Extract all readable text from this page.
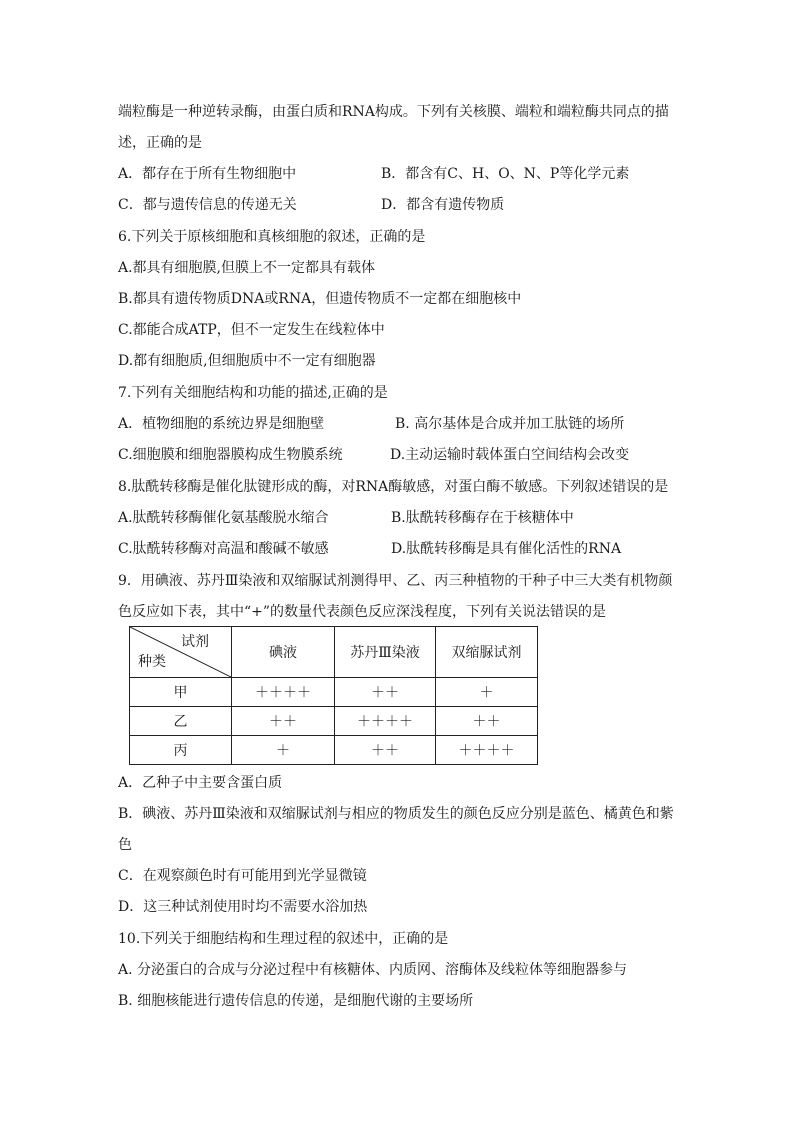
端粒酶是一种逆转录酶，由蛋白质和RNA构成。下列有关核膜、端粒和端粒酶共同点的描
述，正确的是
A．都存在于所有生物细胞中	B．都含有C、H、O、N、P等化学元素
C．都与遗传信息的传递无关	D．都含有遗传物质
6.下列关于原核细胞和真核细胞的叙述，正确的是
A.都具有细胞膜,但膜上不一定都具有载体
B.都具有遗传物质DNA或RNA，但遗传物质不一定都在细胞核中
C.都能合成ATP，但不一定发生在线粒体中
D.都有细胞质,但细胞质中不一定有细胞器
7.下列有关细胞结构和功能的描述,正确的是
A．植物细胞的系统边界是细胞壁	B. 高尔基体是合成并加工肽链的场所
C.细胞膜和细胞器膜构成生物膜系统	D.主动运输时载体蛋白空间结构会改变
8.肽酰转移酶是催化肽键形成的酶，对RNA酶敏感，对蛋白酶不敏感。下列叙述错误的是
A.肽酰转移酶催化氨基酸脱水缩合	B.肽酰转移酶存在于核糖体中
C.肽酰转移酶对高温和酸碱不敏感	D.肽酰转移酶是具有催化活性的RNA
9．用碘液、苏丹Ⅲ染液和双缩脲试剂测得甲、乙、丙三种植物的干种子中三大类有机物颜
色反应如下表，其中“+”的数量代表颜色反应深浅程度，下列有关说法错误的是
试剂
种类	碘液	苏丹Ⅲ染液	双缩脲试剂
甲	＋＋＋＋	＋＋	＋
乙	＋＋	＋＋＋＋	＋＋
丙	＋	＋＋	＋＋＋＋
A．乙种子中主要含蛋白质
B．碘液、苏丹Ⅲ染液和双缩脲试剂与相应的物质发生的颜色反应分别是蓝色、橘黄色和紫
色
C．在观察颜色时有可能用到光学显微镜
D．这三种试剂使用时均不需要水浴加热
10.下列关于细胞结构和生理过程的叙述中，正确的是
A. 分泌蛋白的合成与分泌过程中有核糖体、内质网、溶酶体及线粒体等细胞器参与
B. 细胞核能进行遗传信息的传递，是细胞代谢的主要场所
